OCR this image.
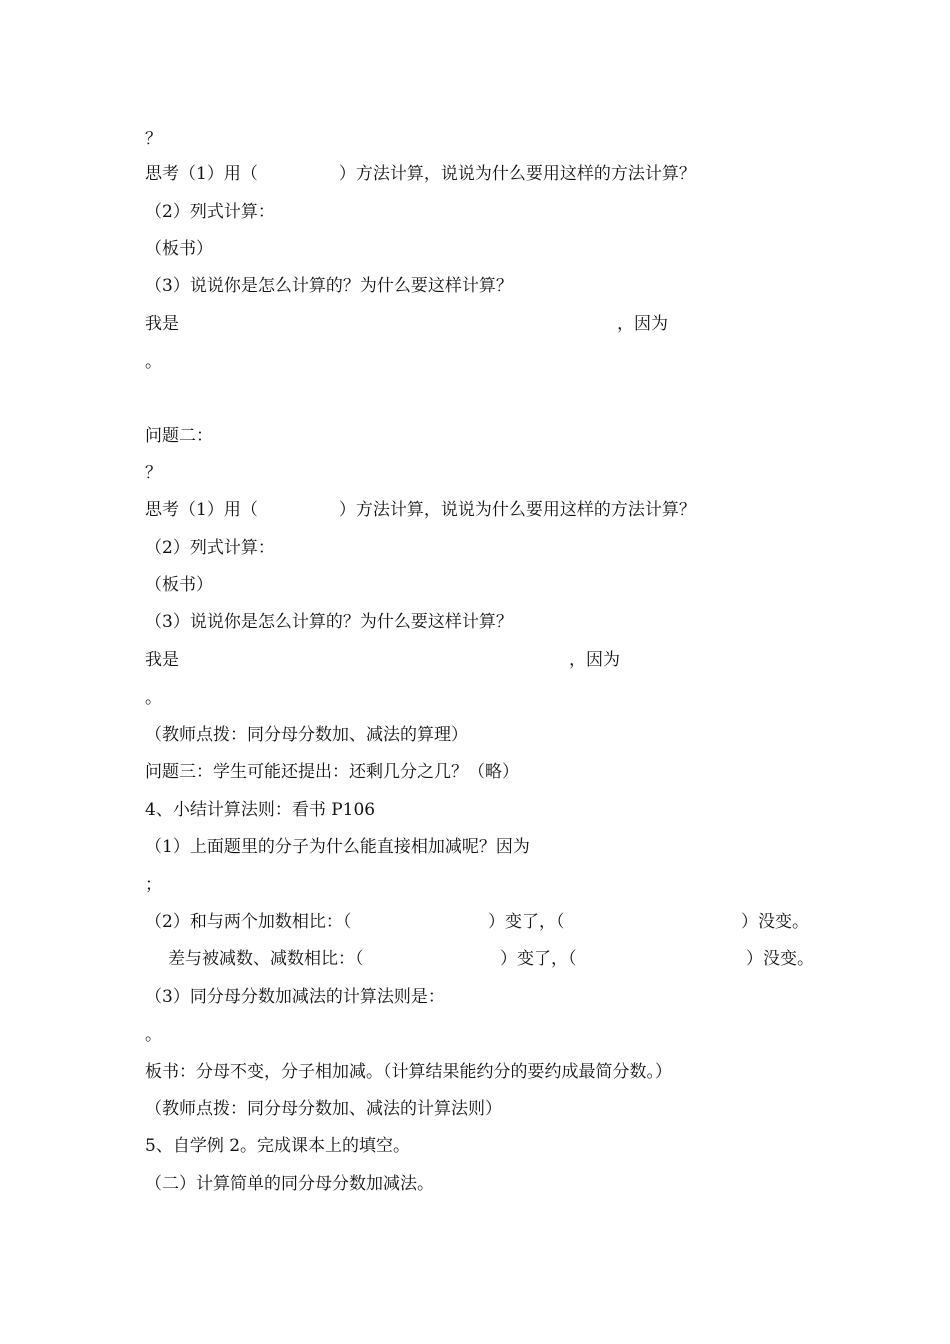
？
思考（1）用（               ）方法计算，说说为什么要用这样的方法计算？
（2）列式计算：
（板书）
（3）说说你是怎么计算的？为什么要这样计算？

我是

	，因为

。
问题二：
？
思考（1）用（               ）方法计算，说说为什么要用这样的方法计算？
（2）列式计算：
（板书）
（3）说说你是怎么计算的？为什么要这样计算？

我是

	，因为

。
（教师点拨：同分母分数加、减法的算理）
问题三：学生可能还提出：还剩几分之几？（略）
4、小结计算法则：看书 P106
（1）上面题里的分子为什么能直接相加减呢？因为
；

（2）和与两个加数相比：（

	）变了，（

	）没变。

差与被减数、减数相比：（

	）变了，（

	）没变。

（3）同分母分数加减法的计算法则是：
。
板书：分母不变，分子相加减。（计算结果能约分的要约成最简分数。）
（教师点拨：同分母分数加、减法的计算法则）
5、自学例 2。完成课本上的填空。
（二）计算简单的同分母分数加减法。
